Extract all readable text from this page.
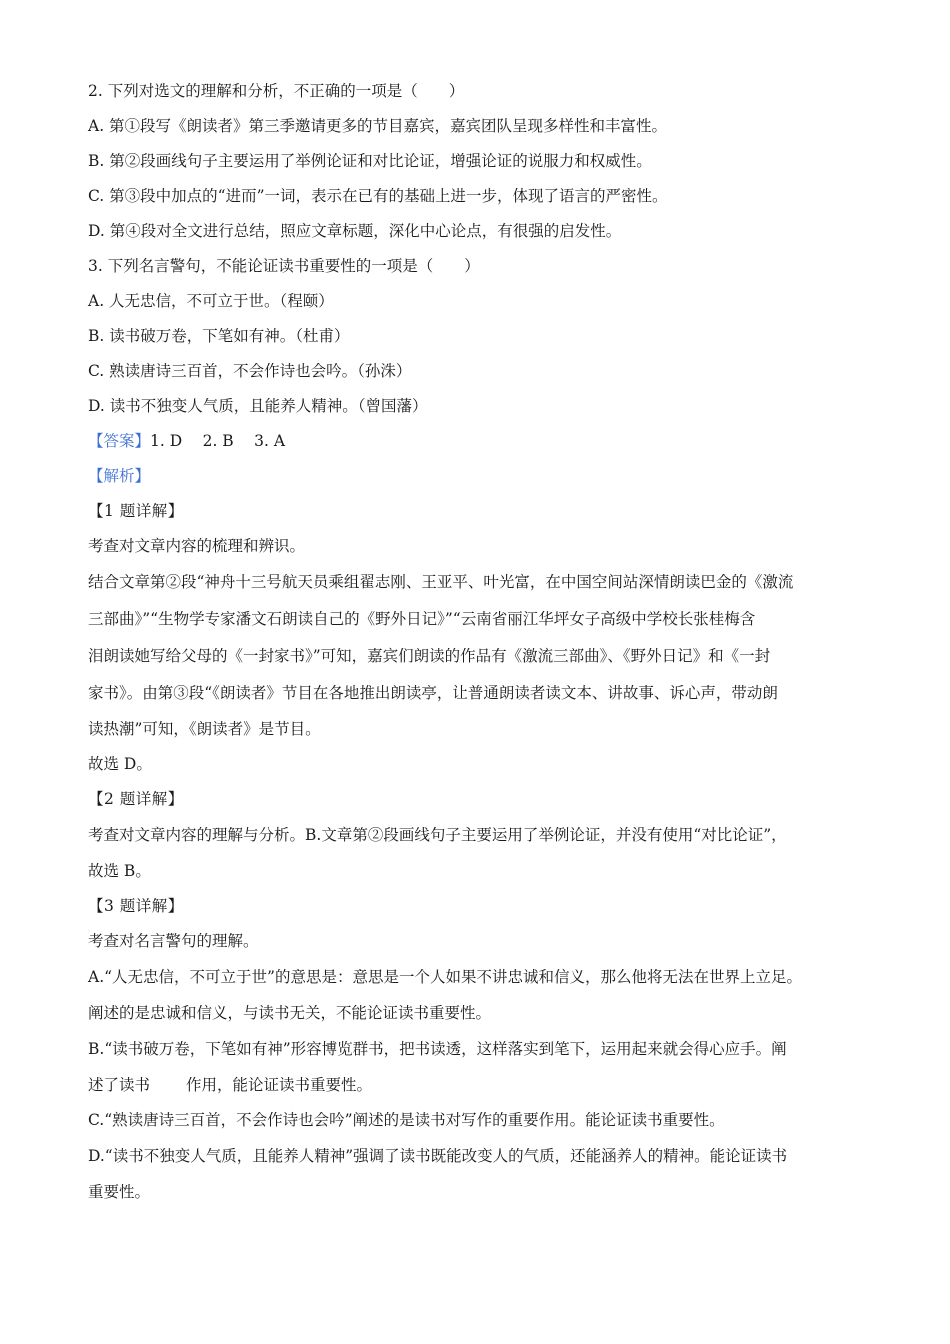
2. 下列对选文的理解和分析，不正确的一项是（　　）
A. 第①段写《朗读者》第三季邀请更多的节目嘉宾，嘉宾团队呈现多样性和丰富性。
B. 第②段画线句子主要运用了举例论证和对比论证，增强论证的说服力和权威性。
C. 第③段中加点的“进而”一词，表示在已有的基础上进一步，体现了语言的严密性。
D. 第④段对全文进行总结，照应文章标题，深化中心论点，有很强的启发性。
3. 下列名言警句，不能论证读书重要性的一项是（　　）
A. 人无忠信，不可立于世。（程颐）
B. 读书破万卷，下笔如有神。（杜甫）
C. 熟读唐诗三百首，不会作诗也会吟。（孙洙）
D. 读书不独变人气质，且能养人精神。（曾国藩）
【答案】1. D　 2. B　 3. A
【解析】
【1 题详解】
考查对文章内容的梳理和辨识。
结合文章第②段“神舟十三号航天员乘组翟志刚、王亚平、叶光富，在中国空间站深情朗读巴金的《激流
三部曲》”“生物学专家潘文石朗读自己的《野外日记》”“云南省丽江华坪女子高级中学校长张桂梅含
泪朗读她写给父母的《一封家书》”可知，嘉宾们朗读的作品有《激流三部曲》、《野外日记》和《一封
家书》。由第③段“《朗读者》节目在各地推出朗读亭，让普通朗读者读文本、讲故事、诉心声，带动朗
读热潮”可知，《朗读者》是节目。
故选 D。
【2 题详解】
考查对文章内容的理解与分析。B.文章第②段画线句子主要运用了举例论证，并没有使用“对比论证”，
故选 B。
【3 题详解】
考查对名言警句的理解。
A.“人无忠信，不可立于世”的意思是：意思是一个人如果不讲忠诚和信义，那么他将无法在世界上立足。
阐述的是忠诚和信义，与读书无关，不能论证读书重要性。
B.“读书破万卷，下笔如有神”形容博览群书，把书读透，这样落实到笔下，运用起来就会得心应手。阐
述了读书 作用，能论证读书重要性。
C.“熟读唐诗三百首，不会作诗也会吟”阐述的是读书对写作的重要作用。能论证读书重要性。
D.“读书不独变人气质，且能养人精神”强调了读书既能改变人的气质，还能涵养人的精神。能论证读书
重要性。
